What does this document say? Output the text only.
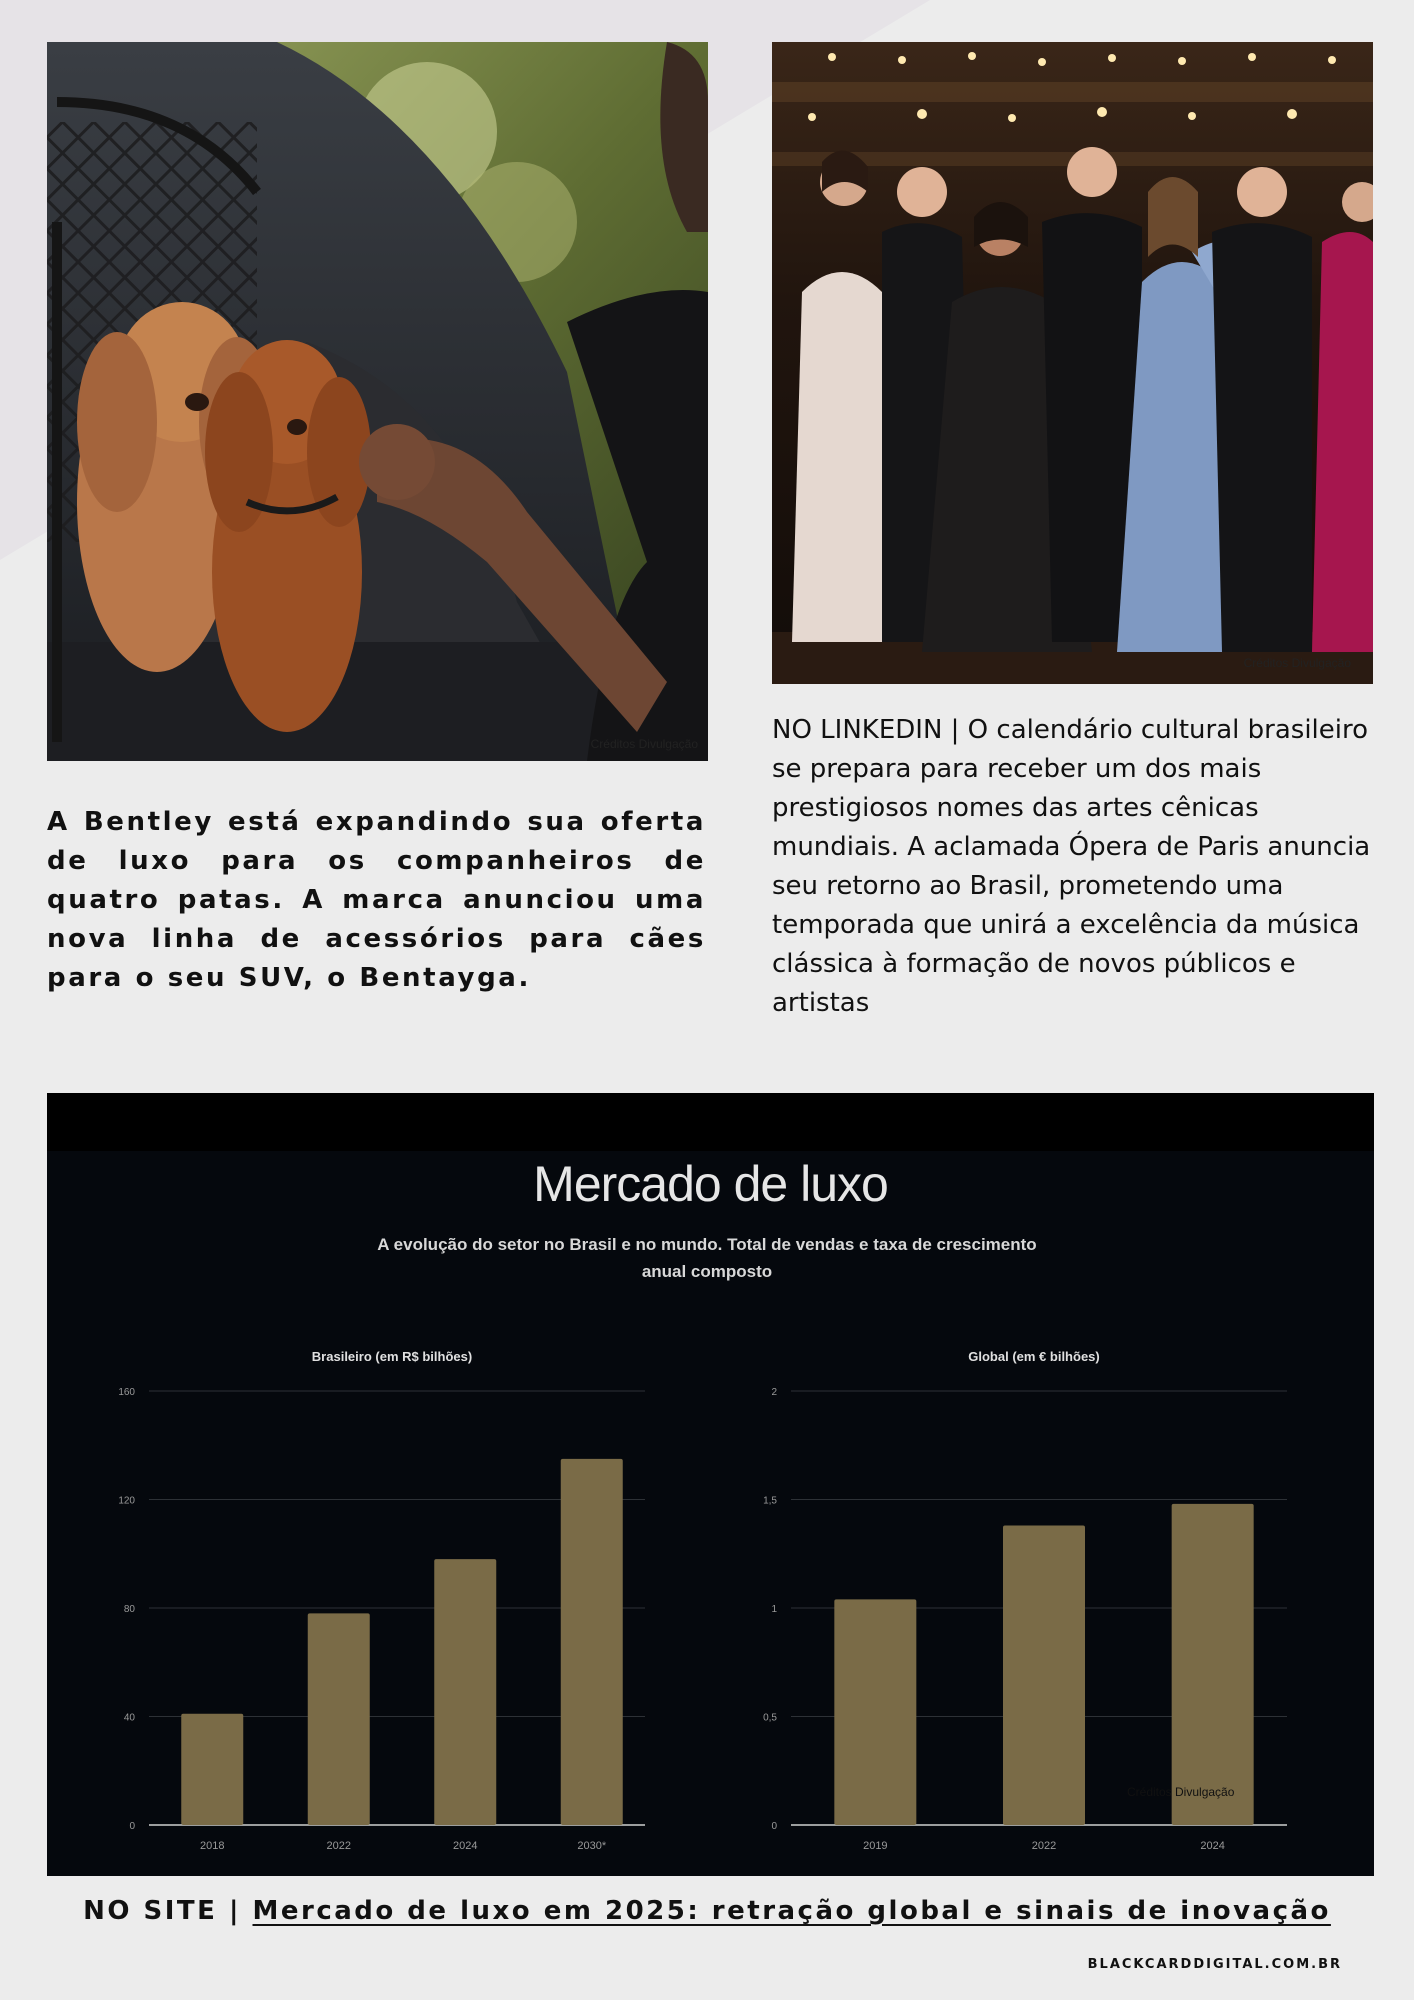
Créditos Divulgação
Créditos Divulgação

A Bentley está expandindo sua oferta de luxo para os companheiros de quatro patas. A marca anunciou uma nova linha de acessórios para cães para o seu SUV, o Bentayga.

NO LINKEDIN | O calendário cultural brasileiro se prepara para receber um dos mais prestigiosos nomes das artes cênicas mundiais. A aclamada Ópera de Paris anuncia seu retorno ao Brasil, prometendo uma temporada que unirá a excelência da música clássica à formação de novos públicos e artistas

Mercado de luxo
A evolução do setor no Brasil e no mundo. Total de vendas e taxa de crescimento anual composto
Brasileiro (em R$ bilhões)
0
40
80
120
160
2018	2022	2024	2030*
Global (em € bilhões)
0
0,5
1
1,5
2
2019	2022	2024
Créditos Divulgação
NO SITE | Mercado de luxo em 2025: retração global e sinais de inovação
BLACKCARDDIGITAL.COM.BR
